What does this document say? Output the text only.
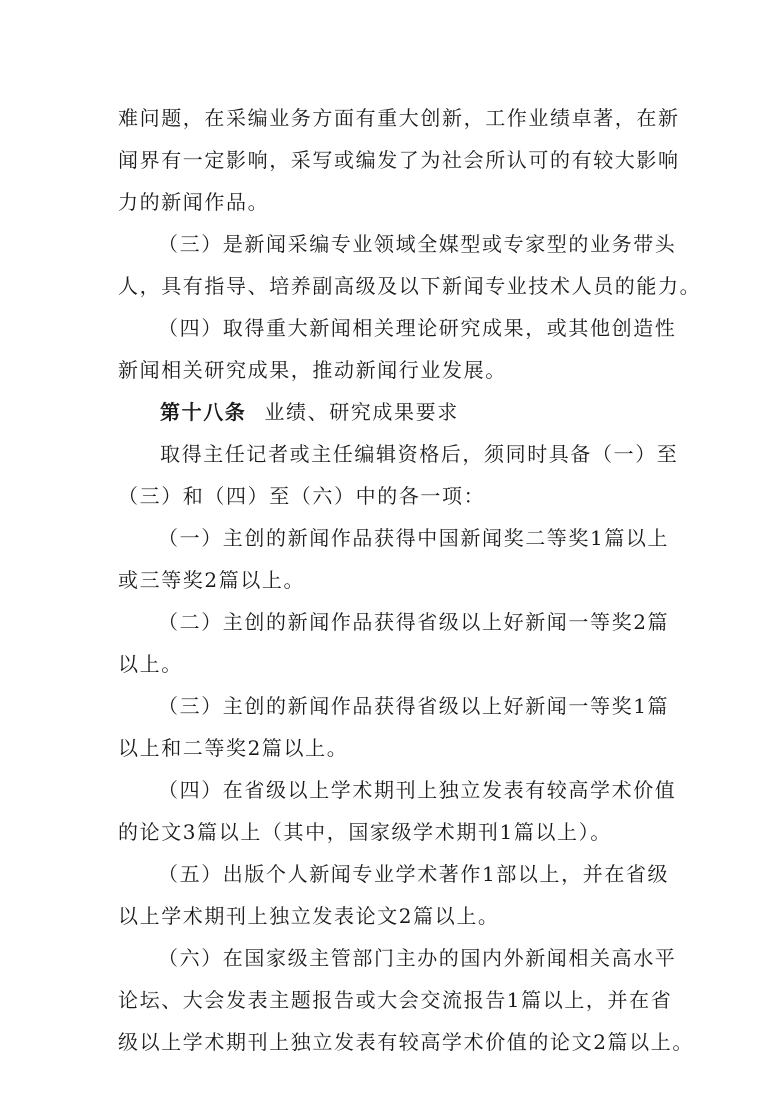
难问题，在采编业务方面有重大创新，工作业绩卓著，在新
闻界有一定影响，采写或编发了为社会所认可的有较大影响
力的新闻作品。
（三）是新闻采编专业领域全媒型或专家型的业务带头
人，具有指导、培养副高级及以下新闻专业技术人员的能力。
（四）取得重大新闻相关理论研究成果，或其他创造性
新闻相关研究成果，推动新闻行业发展。
第十八条 业绩、研究成果要求
取得主任记者或主任编辑资格后，须同时具备（一）至
（三）和（四）至（六）中的各一项：
（一）主创的新闻作品获得中国新闻奖二等奖1篇以上
或三等奖2篇以上。
（二）主创的新闻作品获得省级以上好新闻一等奖2篇
以上。
（三）主创的新闻作品获得省级以上好新闻一等奖1篇
以上和二等奖2篇以上。
（四）在省级以上学术期刊上独立发表有较高学术价值
的论文3篇以上（其中，国家级学术期刊1篇以上）。
（五）出版个人新闻专业学术著作1部以上，并在省级
以上学术期刊上独立发表论文2篇以上。
（六）在国家级主管部门主办的国内外新闻相关高水平
论坛、大会发表主题报告或大会交流报告1篇以上，并在省
级以上学术期刊上独立发表有较高学术价值的论文2篇以上。
